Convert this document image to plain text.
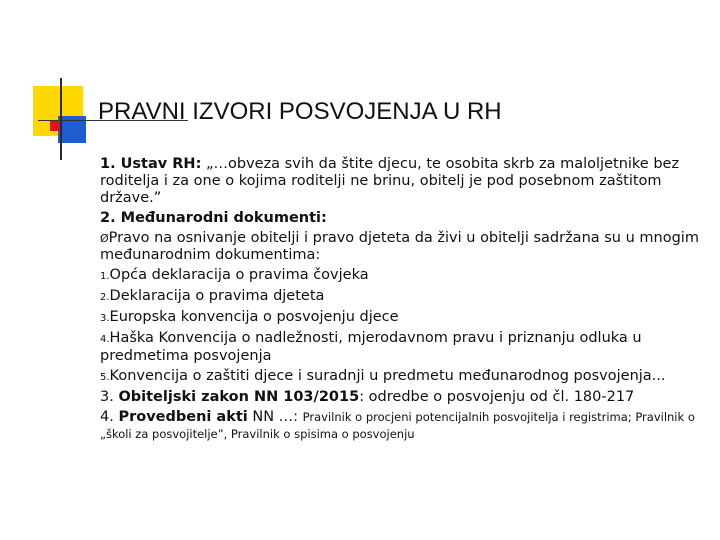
PRAVNI IZVORI POSVOJENJA U RH

1. Ustav RH: „…obveza svih da štite djecu, te osobita skrb za maloljetnike bez roditelja i za one o kojima roditelji ne brinu, obitelj je pod posebnom zaštitom države.”

2. Međunarodni dokumenti:

ØPravo na osnivanje obitelji i pravo djeteta da živi u obitelji sadržana su u mnogim međunarodnim dokumentima:

1.Opća deklaracija o pravima čovjeka

2.Deklaracija o pravima djeteta

3.Europska konvencija o posvojenju djece

4.Haška Konvencija o nadležnosti, mjerodavnom pravu i priznanju odluka u predmetima posvojenja

5.Konvencija o zaštiti djece i suradnji u predmetu međunarodnog posvojenja...

3. Obiteljski zakon NN 103/2015: odredbe o posvojenju od čl. 180-217

4. Provedbeni akti NN …: Pravilnik o procjeni potencijalnih posvojitelja i registrima; Pravilnik o „školi za posvojitelje”, Pravilnik o spisima o posvojenju
